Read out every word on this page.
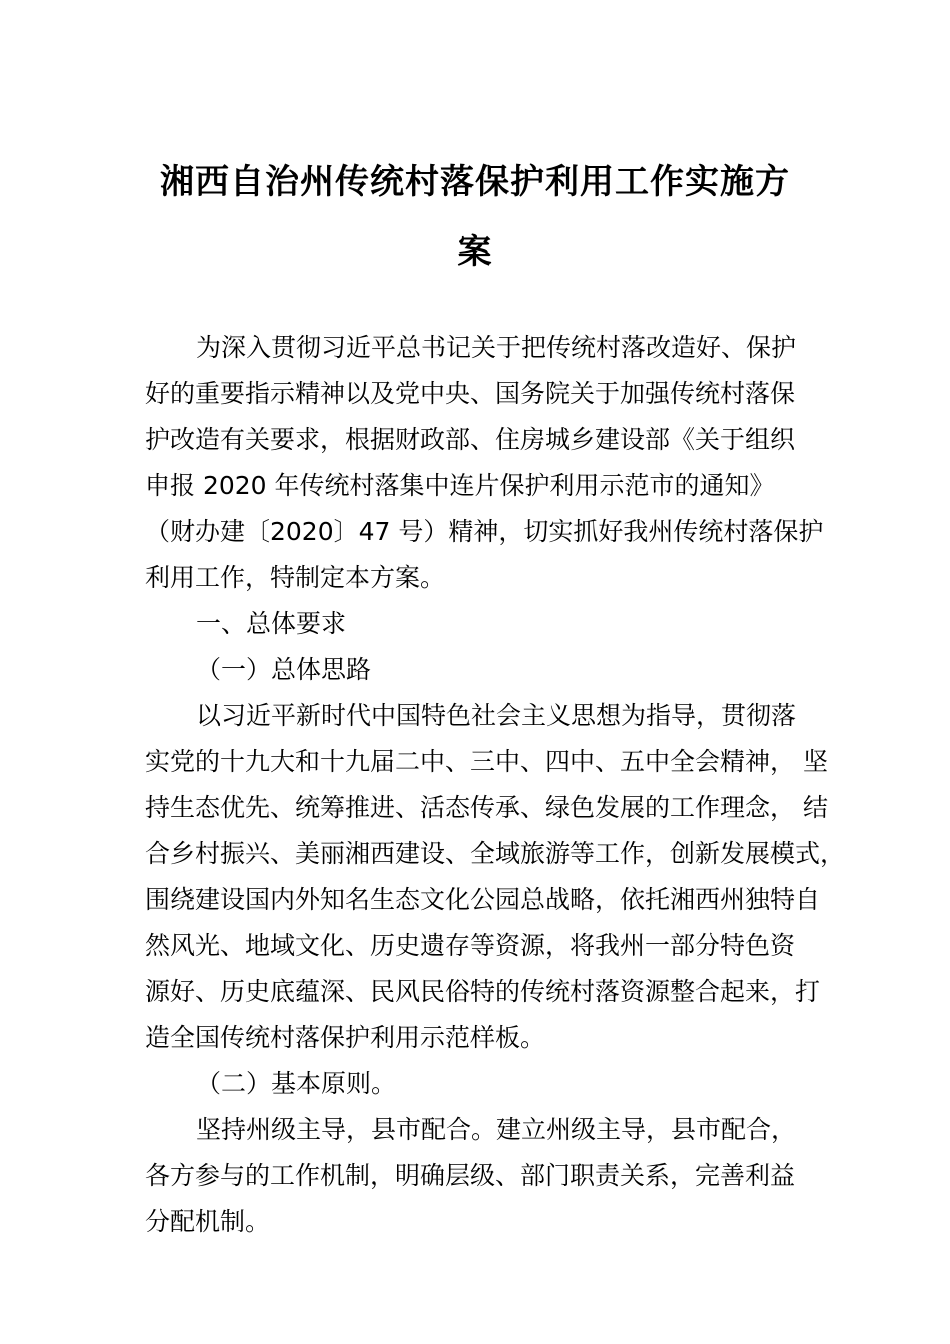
湘西自治州传统村落保护利用工作实施方
案
为深入贯彻习近平总书记关于把传统村落改造好、保护
好的重要指示精神以及党中央、国务院关于加强传统村落保
护改造有关要求，根据财政部、住房城乡建设部《关于组织
申报 2020 年传统村落集中连片保护利用示范市的通知》
（财办建〔2020〕47 号）精神，切实抓好我州传统村落保护
利用工作，特制定本方案。
一、总体要求
（一）总体思路
以习近平新时代中国特色社会主义思想为指导，贯彻落
实党的十九大和十九届二中、三中、四中、五中全会精神， 坚
持生态优先、统筹推进、活态传承、绿色发展的工作理念， 结
合乡村振兴、美丽湘西建设、全域旅游等工作，创新发展模式，
围绕建设国内外知名生态文化公园总战略，依托湘西州独特自
然风光、地域文化、历史遗存等资源，将我州一部分特色资
源好、历史底蕴深、民风民俗特的传统村落资源整合起来，打
造全国传统村落保护利用示范样板。
（二）基本原则。
坚持州级主导，县市配合。建立州级主导，县市配合，
各方参与的工作机制，明确层级、部门职责关系，完善利益
分配机制。
